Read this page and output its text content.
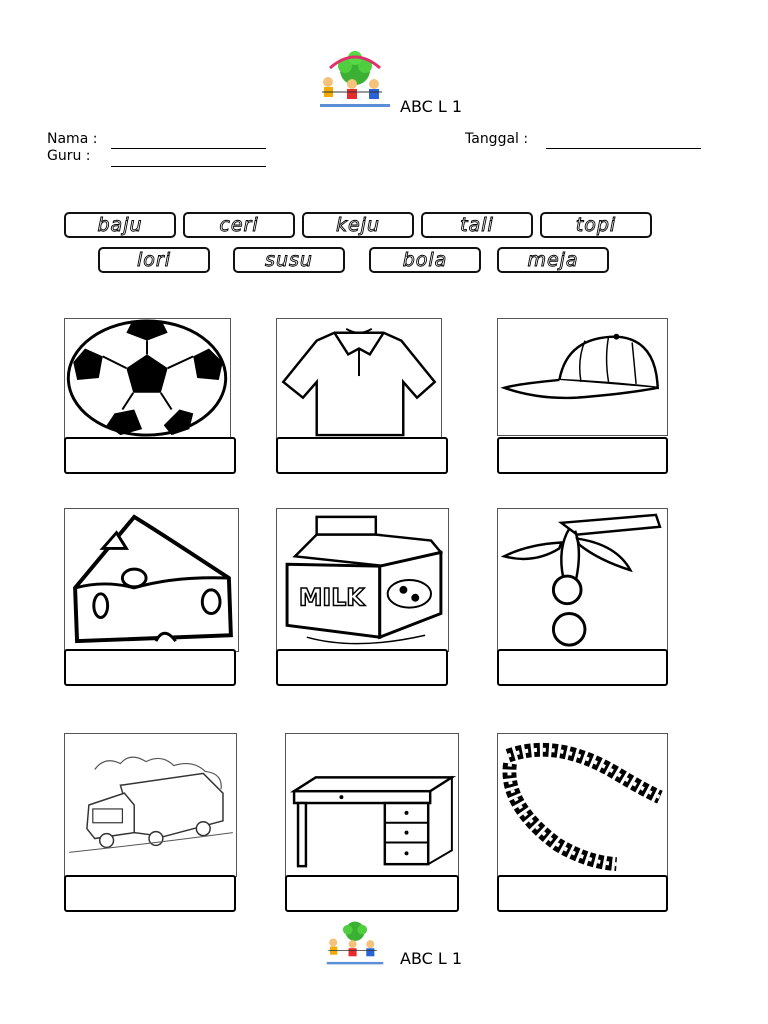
ABC L 1
Nama :
Guru :
Tanggal :
baju	ceri	keju	tali	topi
lori	susu	bola	meja
MILK
ABC L 1
